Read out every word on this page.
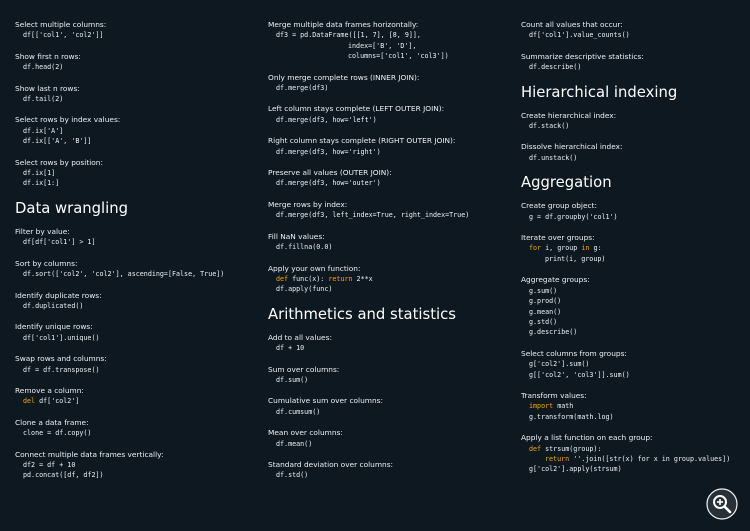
Select multiple columns:
df[['col1', 'col2']]
Show first n rows:
df.head(2)
Show last n rows:
df.tail(2)
Select rows by index values:
df.ix['A']
df.ix[['A', 'B']]
Select rows by position:
df.ix[1]
df.ix[1:]
Data wrangling
Filter by value:
df[df['col1'] > 1]
Sort by columns:
df.sort(['col2', 'col2'], ascending=[False, True])
Identify duplicate rows:
df.duplicated()
Identify unique rows:
df['col1'].unique()
Swap rows and columns:
df = df.transpose()
Remove a column:
del df['col2']
Clone a data frame:
clone = df.copy()
Connect multiple data frames vertically:
df2 = df + 10
pd.concat([df, df2])
Merge multiple data frames horizontally:
df3 = pd.DataFrame([[1, 7], [8, 9]],
index=['B', 'D'],
columns=['col1', 'col3'])
Only merge complete rows (INNER JOIN):
df.merge(df3)
Left column stays complete (LEFT OUTER JOIN):
df.merge(df3, how='left')
Right column stays complete (RIGHT OUTER JOIN):
df.merge(df3, how='right')
Preserve all values (OUTER JOIN):
df.merge(df3, how='outer')
Merge rows by index:
df.merge(df3, left_index=True, right_index=True)
Fill NaN values:
df.fillna(0.0)
Apply your own function:
def func(x): return 2**x
df.apply(func)
Arithmetics and statistics
Add to all values:
df + 10
Sum over columns:
df.sum()
Cumulative sum over columns:
df.cumsum()
Mean over columns:
df.mean()
Standard deviation over columns:
df.std()
Count all values that occur:
df['col1'].value_counts()
Summarize descriptive statistics:
df.describe()
Hierarchical indexing
Create hierarchical index:
df.stack()
Dissolve hierarchical index:
df.unstack()
Aggregation
Create group object:
g = df.groupby('col1')
Iterate over groups:
for i, group in g:
print(i, group)
Aggregate groups:
g.sum()
g.prod()
g.mean()
g.std()
g.describe()
Select columns from groups:
g['col2'].sum()
g[['col2', 'col3']].sum()
Transform values:
import math
g.transform(math.log)
Apply a list function on each group:
def strsum(group):
return ''.join([str(x) for x in group.values])
g['col2'].apply(strsum)
